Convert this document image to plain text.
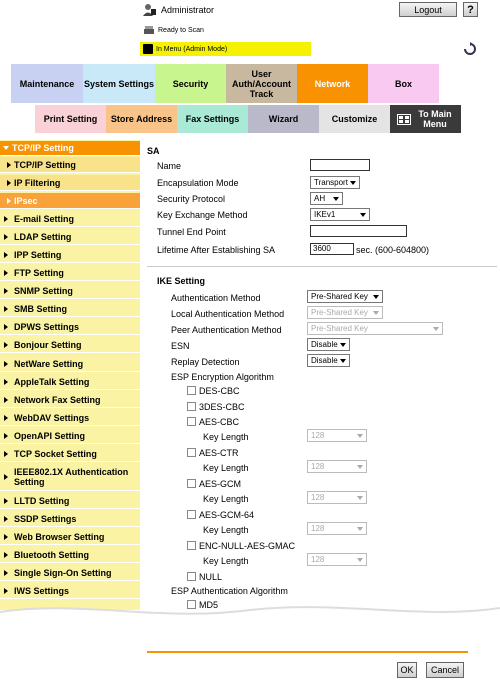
Administrator	Logout	?
Ready to Scan
In Menu (Admin Mode)
Maintenance System Settings Security
User Auth/Account Track
Network	Box
Print Setting Store Address Fax Settings	Wizard	Customize	To Main Menu
TCP/IP Setting
TCP/IP Setting
IP Filtering
IPsec
E-mail Setting
LDAP Setting
IPP Setting
FTP Setting
SNMP Setting
SMB Setting
DPWS Settings
Bonjour Setting
NetWare Setting
AppleTalk Setting
Network Fax Setting
WebDAV Settings
OpenAPI Setting
TCP Socket Setting
IEEE802.1X Authentication Setting
LLTD Setting
SSDP Settings
Web Browser Setting
Bluetooth Setting
Single Sign-On Setting
IWS Settings
SA
Name
Encapsulation Mode	Transport
Security Protocol	AH
Key Exchange Method	IKEv1
Tunnel End Point
Lifetime After Establishing SA	3600	sec. (600-604800)
IKE Setting
Authentication Method	Pre-Shared Key
Local Authentication Method	Pre-Shared Key
Peer Authentication Method	Pre-Shared Key
ESN	Disable
Replay Detection	Disable
ESP Encryption Algorithm
DES-CBC
3DES-CBC
AES-CBC
Key Length	128
AES-CTR
Key Length	128
AES-GCM
Key Length	128
AES-GCM-64
Key Length	128
ENC-NULL-AES-GMAC
Key Length	128
NULL
ESP Authentication Algorithm
MD5
OK	Cancel
